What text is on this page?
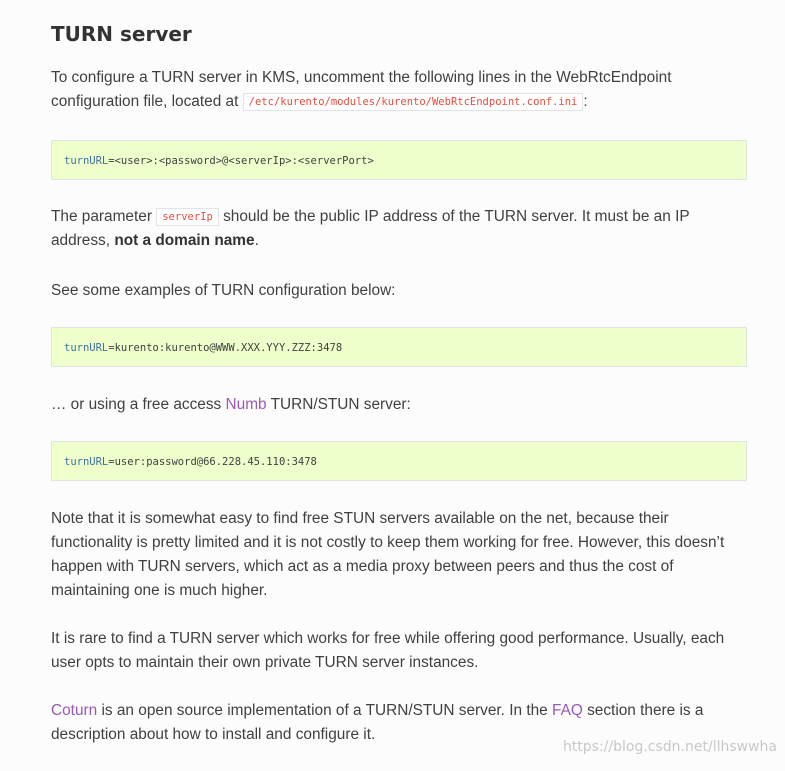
TURN server

To configure a TURN server in KMS, uncomment the following lines in the WebRtcEndpoint configuration file, located at /etc/kurento/modules/kurento/WebRtcEndpoint.conf.ini :

turnURL=<user>:<password>@<serverIp>:<serverPort>

The parameter serverIp should be the public IP address of the TURN server. It must be an IP address, not a domain name.

See some examples of TURN configuration below:

turnURL=kurento:kurento@WWW.XXX.YYY.ZZZ:3478

… or using a free access Numb TURN/STUN server:

turnURL=user:password@66.228.45.110:3478

Note that it is somewhat easy to find free STUN servers available on the net, because their functionality is pretty limited and it is not costly to keep them working for free. However, this doesn’t happen with TURN servers, which act as a media proxy between peers and thus the cost of maintaining one is much higher.

It is rare to find a TURN server which works for free while offering good performance. Usually, each user opts to maintain their own private TURN server instances.

Coturn is an open source implementation of a TURN/STUN server. In the FAQ section there is a description about how to install and configure it.

https://blog.csdn.net/llhswwha
